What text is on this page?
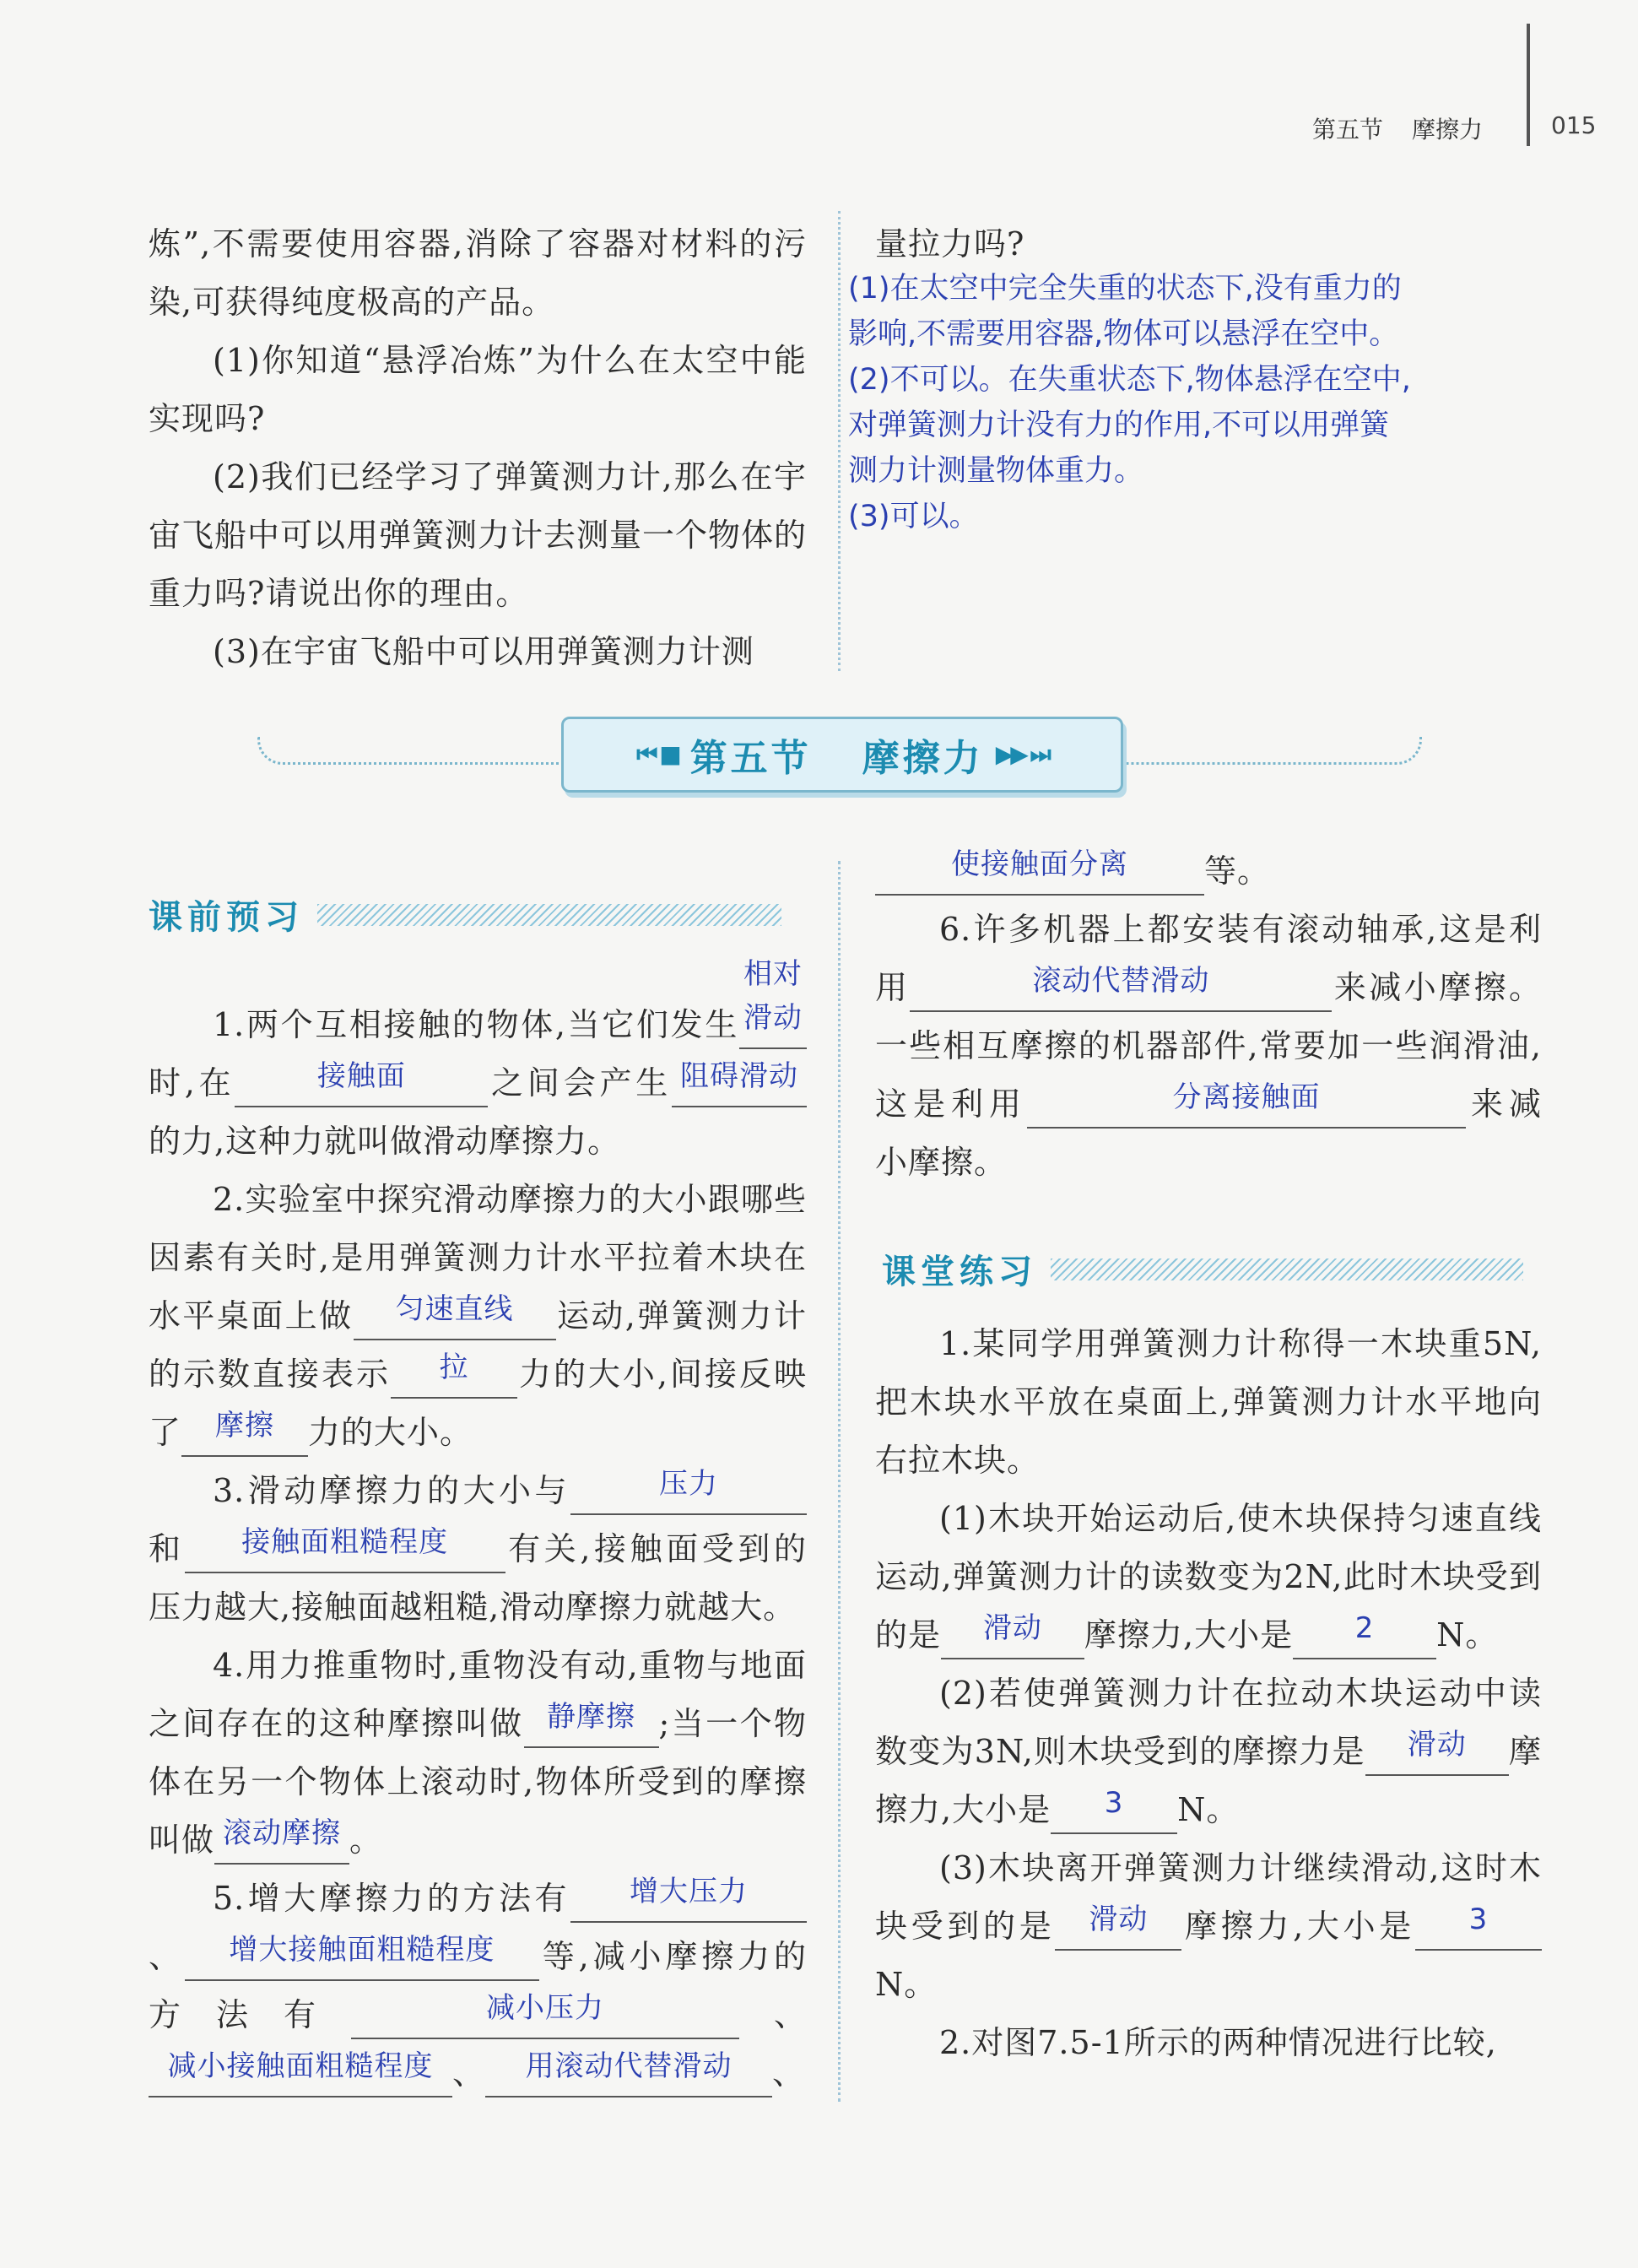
第五节 摩擦力	015

炼”,不需要使用容器,消除了容器对材料的污染,可获得纯度极高的产品。

(1)你知道“悬浮冶炼”为什么在太空中能实现吗?

(2)我们已经学习了弹簧测力计,那么在宇宙飞船中可以用弹簧测力计去测量一个物体的重力吗?请说出你的理由。

(3)在宇宙飞船中可以用弹簧测力计测

量拉力吗?

(1)在太空中完全失重的状态下,没有重力的
影响,不需要用容器,物体可以悬浮在空中。
(2)不可以。在失重状态下,物体悬浮在空中,
对弹簧测力计没有力的作用,不可以用弹簧
测力计测量物体重力。
(3)可以。
⏮ ■ 第五节 摩擦力 ▶▶ ⏭
课前预习

1.两个互相接触的物体,当它们发生相对滑动时,在	接触面	之间会产生 阻碍滑动的力,这种力就叫做滑动摩擦力。

2.实验室中探究滑动摩擦力的大小跟哪些因素有关时,是用弹簧测力计水平拉着木块在水平桌面上做 匀速直线 运动,弹簧测力计的示数直接表示 拉 力的大小,间接反映了 摩擦 力的大小。

3.滑动摩擦力的大小与	压力和 接触面粗糙程度 有关,接触面受到的压力越大,接触面越粗糙,滑动摩擦力就越大。

4.用力推重物时,重物没有动,重物与地面之间存在的这种摩擦叫做 静摩擦 ;当一个物体在另一个物体上滚动时,物体所受到的摩擦叫做 滚动摩擦 。

5.增大摩擦力的方法有 增大压力、 增大接触面粗糙程度 等,减小摩擦力的方法有	减小压力	、减小接触面粗糙程度 、 用滚动代替滑动 、

使接触面分离 等。

6.许多机器上都安装有滚动轴承,这是利用	滚动代替滑动	来减小摩擦。一些相互摩擦的机器部件,常要加一些润滑油,这是利用	分离接触面	来减小摩擦。

课堂练习

1.某同学用弹簧测力计称得一木块重5N,把木块水平放在桌面上,弹簧测力计水平地向右拉木块。

(1)木块开始运动后,使木块保持匀速直线运动,弹簧测力计的读数变为2N,此时木块受到的是 滑动 摩擦力,大小是 2 N。

(2)若使弹簧测力计在拉动木块运动中读数变为3N,则木块受到的摩擦力是 滑动 摩擦力,大小是 3 N。

(3)木块离开弹簧测力计继续滑动,这时木块受到的是 滑动 摩擦力,大小是 3N。

2.对图7.5-1所示的两种情况进行比较,
